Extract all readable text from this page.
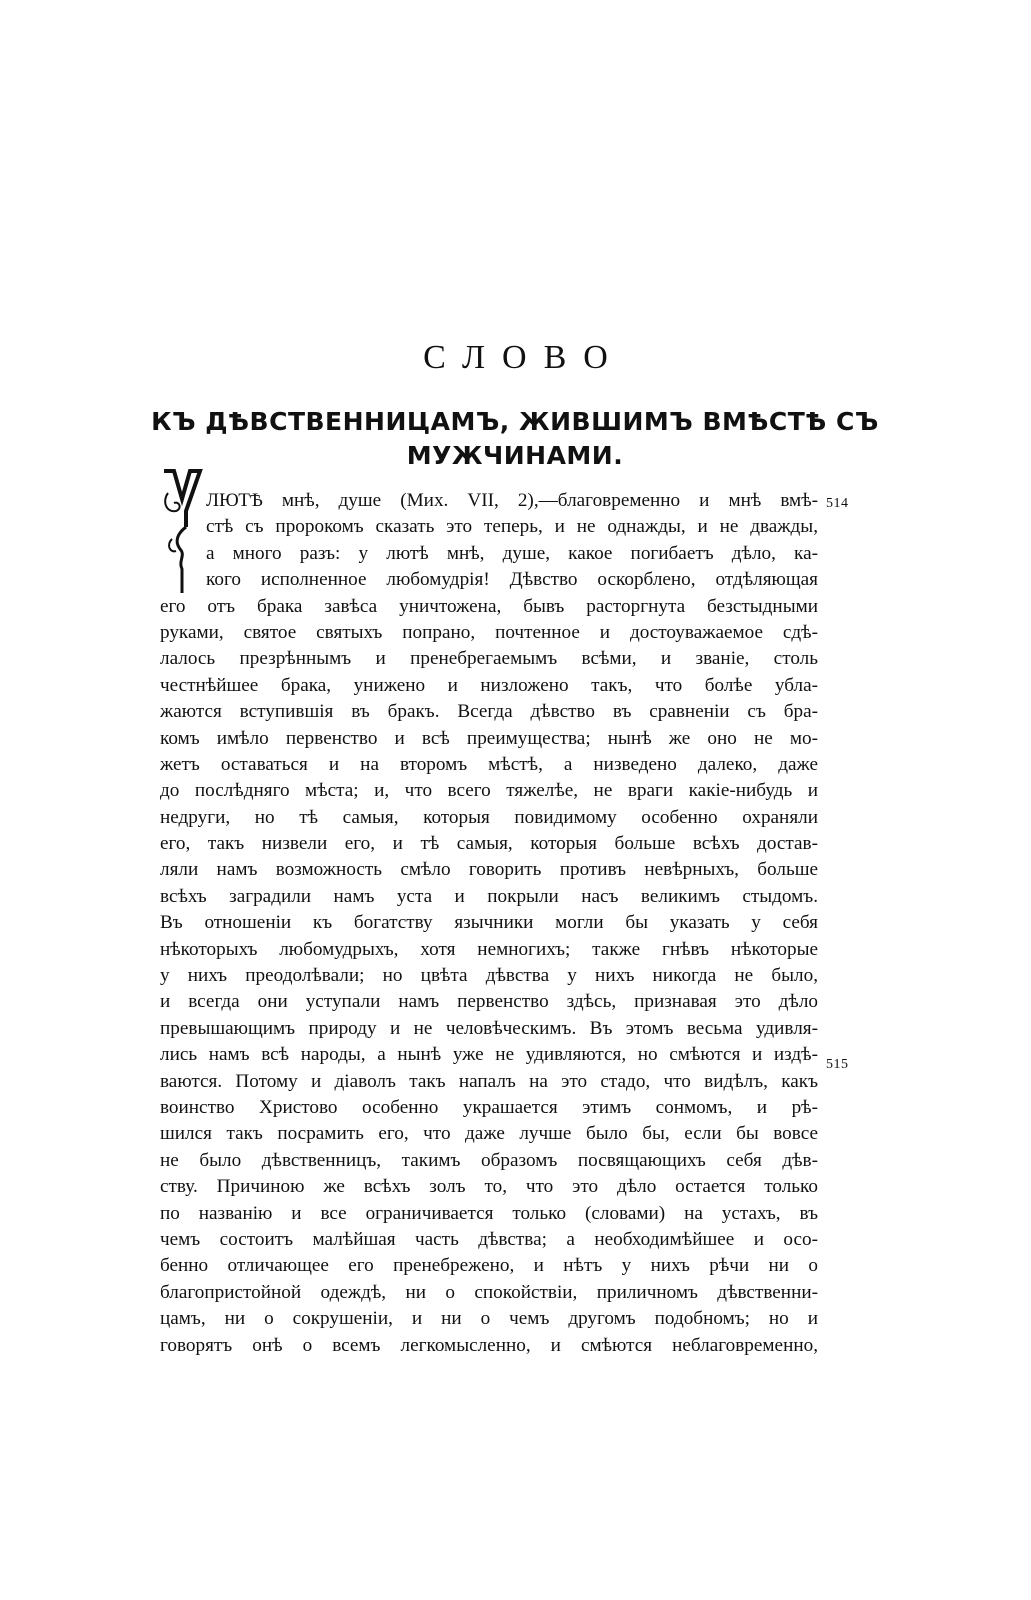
СЛОВО
КЪ ДѢВСТВЕННИЦАМЪ, ЖИВШИМЪ ВМѢСТѢ СЪ МУЖЧИНАМИ.
ЛЮТѢ мнѣ, душе (Мих. VII, 2),—благовременно и мнѣ вмѣ-
стѣ съ пророкомъ сказать это теперь, и не однажды, и не дважды,
а много разъ: у лютѣ мнѣ, душе, какое погибаетъ дѣло, ка-
кого исполненное любомудрія! Дѣвство оскорблено, отдѣляющая
его отъ брака завѣса уничтожена, бывъ расторгнута безстыдными
руками, святое святыхъ попрано, почтенное и достоуважаемое сдѣ-
лалось презрѣннымъ и пренебрегаемымъ всѣми, и званіе, столь
честнѣйшее брака, унижено и низложено такъ, что болѣе ублa-
жаются вступившія въ бракъ. Всегда дѣвство въ сравненіи съ бра-
комъ имѣло первенство и всѣ преимущества; нынѣ же оно не мо-
жетъ оставаться и на второмъ мѣстѣ, а низведено далеко, даже
до послѣдняго мѣста; и, что всего тяжелѣе, не враги какіе-нибудь и
недруги, но тѣ самыя, которыя повидимому особенно охраняли
его, такъ низвели его, и тѣ самыя, которыя больше всѣхъ достав-
ляли намъ возможность смѣло говорить противъ невѣрныхъ, больше
всѣхъ заградили намъ уста и покрыли насъ великимъ стыдомъ.
Въ отношеніи къ богатству язычники могли бы указать у себя
нѣкоторыхъ любомудрыхъ, хотя немногихъ; также гнѣвъ нѣкоторые
у нихъ преодолѣвали; но цвѣта дѣвства у нихъ никогда не было,
и всегда они уступали намъ первенство здѣсь, признавая это дѣло
превышающимъ природу и не человѣческимъ. Въ этомъ весьма удивля-
лись намъ всѣ народы, а нынѣ уже не удивляются, но смѣются и издѣ-
ваются. Потому и діаволъ такъ напалъ на это стадо, что видѣлъ, какъ
воинство Христово особенно украшается этимъ сонмомъ, и рѣ-
шился такъ посрамить его, что даже лучше было бы, если бы вовсе
не было дѣвственницъ, такимъ образомъ посвящающихъ себя дѣв-
ству. Причиною же всѣхъ золъ то, что это дѣло остается только
по названію и все ограничивается только (словами) на устахъ, въ
чемъ состоитъ малѣйшая часть дѣвства; а необходимѣйшее и осо-
бенно отличающее его пренебрежено, и нѣтъ у нихъ рѣчи ни о
благопристойной одеждѣ, ни о спокойствіи, приличномъ дѣвственни-
цамъ, ни о сокрушеніи, и ни о чемъ другомъ подобномъ; но и
говорятъ онѣ о всемъ легкомысленно, и смѣются неблаговременно,
514
515
